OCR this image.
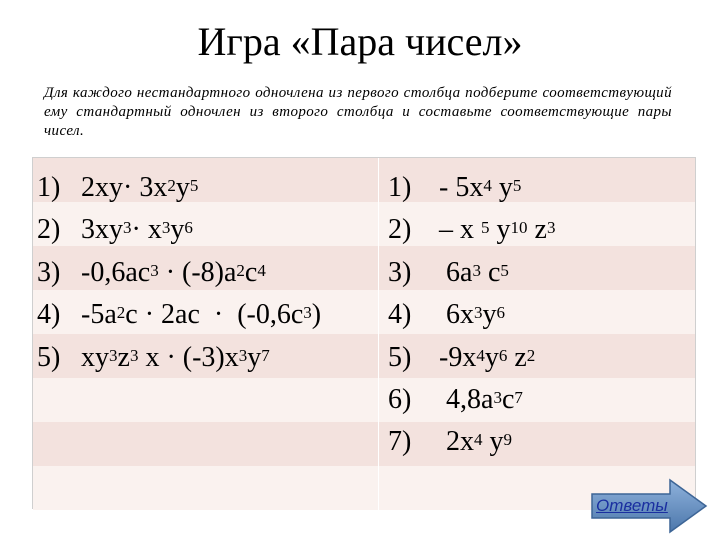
Игра «Пара чисел»
Для каждого нестандартного одночлена из первого столбца подберите соответствующий ему стандартный одночлен из второго столбца и составьте соответствующие пары чисел.
1) $2xy\cdot 3x^2y^5$
2) $3xy^3\cdot x^3y^6$
3) $-0,6ac^3 \cdot (-8)a^2c^4$
4) $-5a^2c \cdot 2ac \cdot (-0,6c^3)$
5) $xy^3z^3$ $x \cdot (-3)x^3y^7$
$1) - 5x^4$ $y^5$
2) – x $^5$ $y^{10}$ $z^3$
3)  $6a^3$ $c^5$
4)  $6x^3y^6$
5) $-9x^4y^6$ $z^2$
6)  $4,8a^3c^7$
7)  $2x^4$ $y^9$
Ответы
